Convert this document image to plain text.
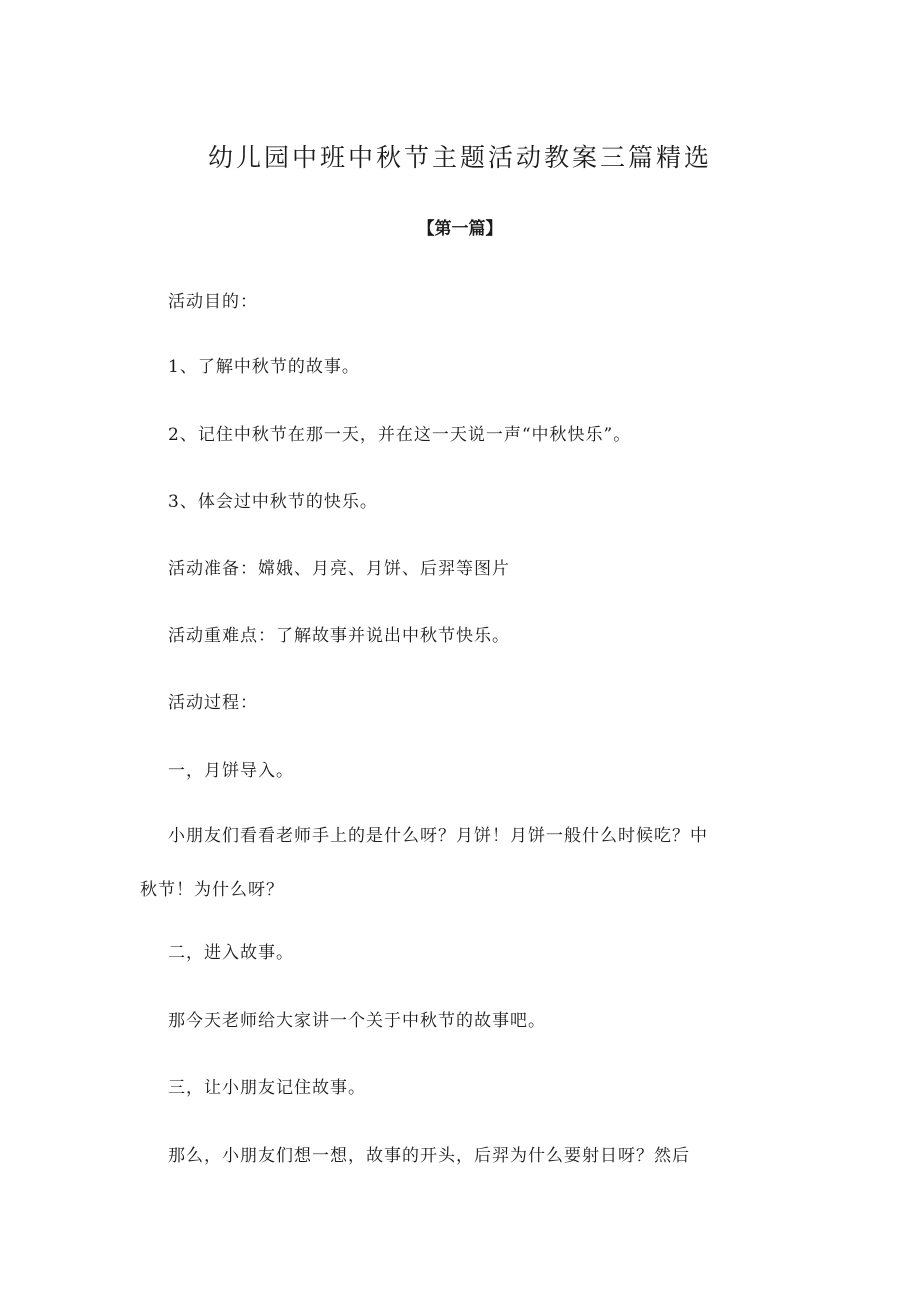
幼儿园中班中秋节主题活动教案三篇精选
【第一篇】

活动目的：

1、了解中秋节的故事。

2、记住中秋节在那一天，并在这一天说一声“中秋快乐”。

3、体会过中秋节的快乐。

活动准备：嫦娥、月亮、月饼、后羿等图片

活动重难点：了解故事并说出中秋节快乐。

活动过程：

一，月饼导入。

小朋友们看看老师手上的是什么呀？月饼！月饼一般什么时候吃？中秋节！为什么呀？

二，进入故事。

那今天老师给大家讲一个关于中秋节的故事吧。

三，让小朋友记住故事。

那么，小朋友们想一想，故事的开头，后羿为什么要射日呀？然后
